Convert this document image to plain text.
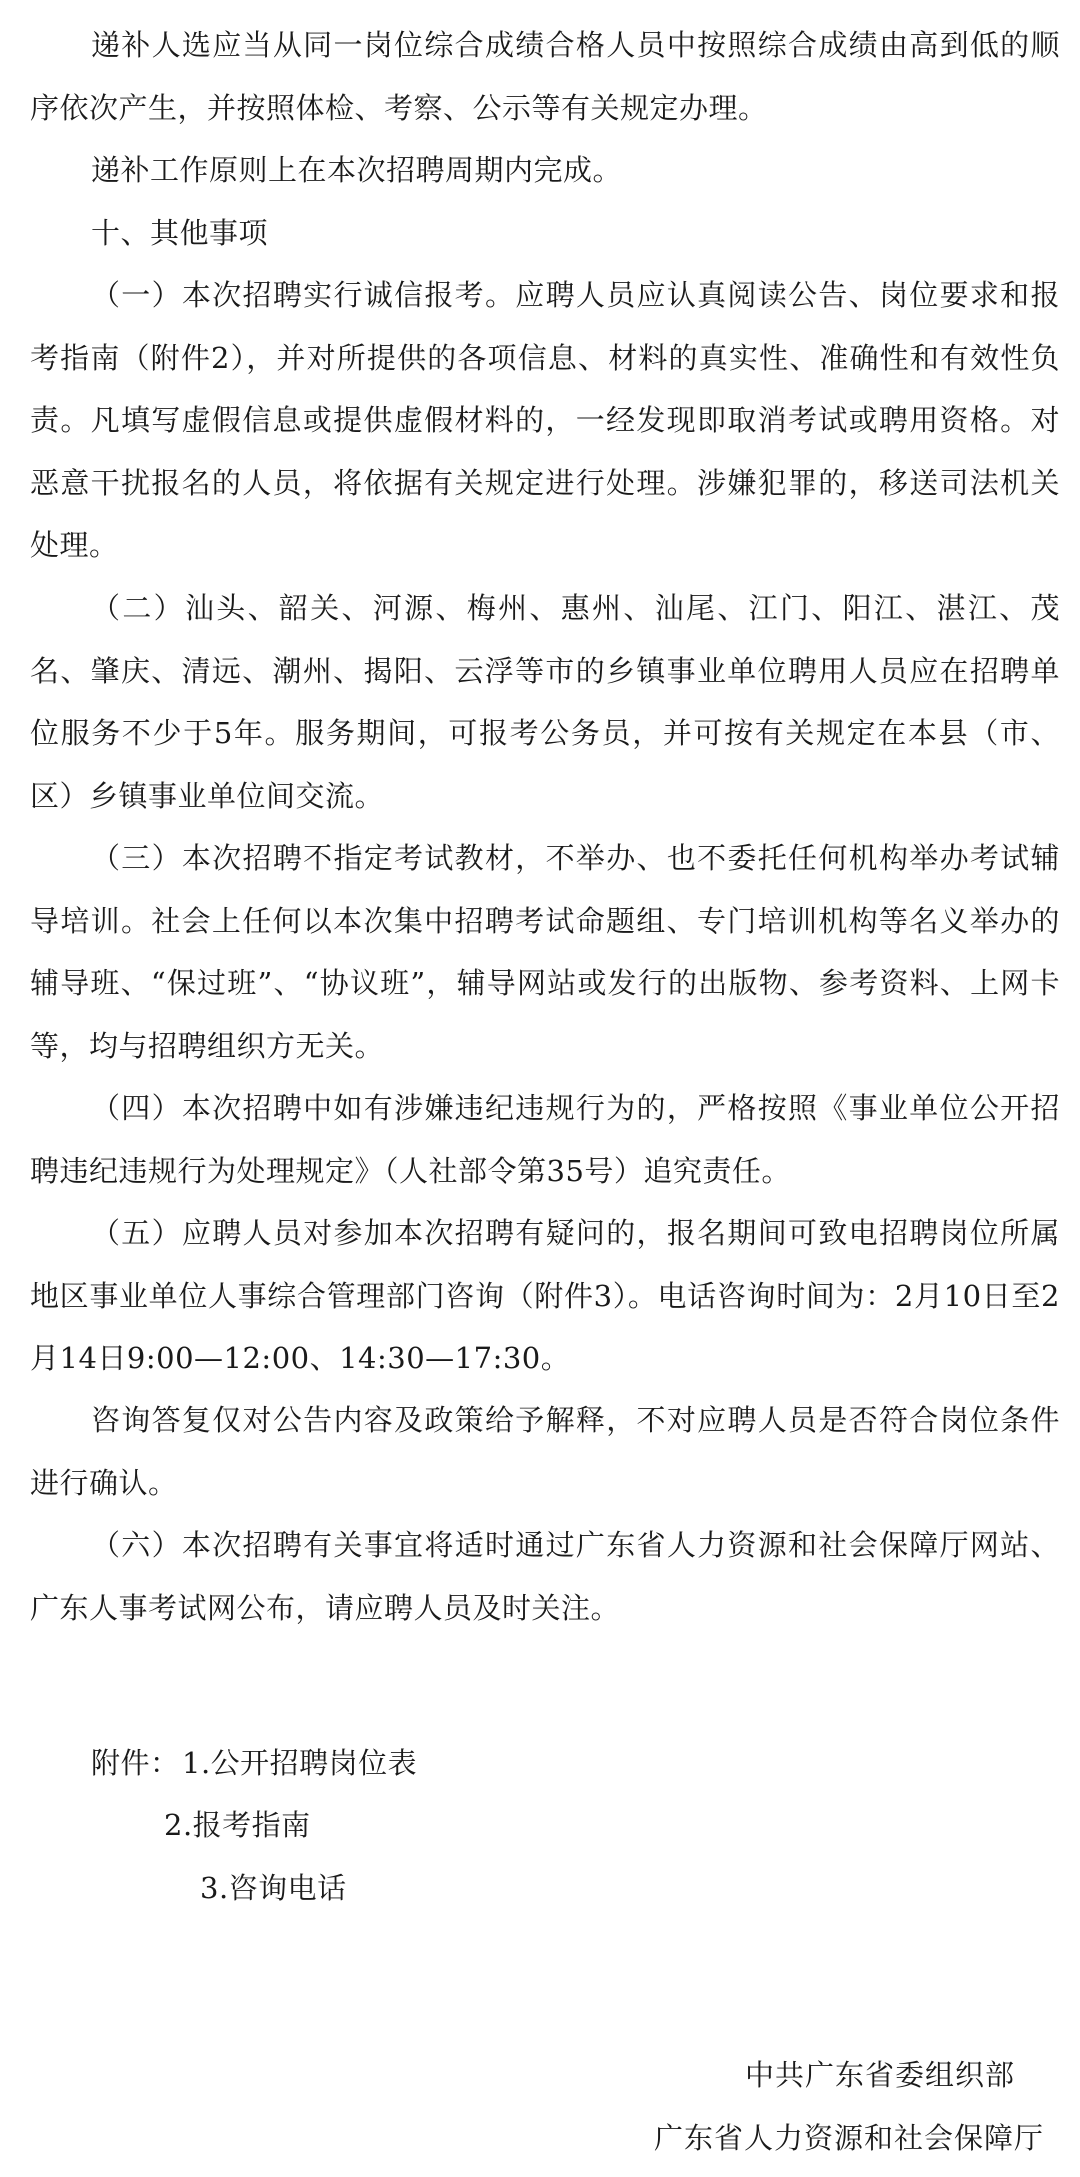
递补人选应当从同一岗位综合成绩合格人员中按照综合成绩由高到低的顺序依次产生，并按照体检、考察、公示等有关规定办理。

递补工作原则上在本次招聘周期内完成。

十、其他事项

（一）本次招聘实行诚信报考。应聘人员应认真阅读公告、岗位要求和报考指南（附件2），并对所提供的各项信息、材料的真实性、准确性和有效性负责。凡填写虚假信息或提供虚假材料的，一经发现即取消考试或聘用资格。对恶意干扰报名的人员，将依据有关规定进行处理。涉嫌犯罪的，移送司法机关处理。

（二）汕头、韶关、河源、梅州、惠州、汕尾、江门、阳江、湛江、茂名、肇庆、清远、潮州、揭阳、云浮等市的乡镇事业单位聘用人员应在招聘单位服务不少于5年。服务期间，可报考公务员，并可按有关规定在本县（市、区）乡镇事业单位间交流。

（三）本次招聘不指定考试教材，不举办、也不委托任何机构举办考试辅导培训。社会上任何以本次集中招聘考试命题组、专门培训机构等名义举办的辅导班、“保过班”、“协议班”，辅导网站或发行的出版物、参考资料、上网卡等，均与招聘组织方无关。

（四）本次招聘中如有涉嫌违纪违规行为的，严格按照《事业单位公开招聘违纪违规行为处理规定》（人社部令第35号）追究责任。

（五）应聘人员对参加本次招聘有疑问的，报名期间可致电招聘岗位所属地区事业单位人事综合管理部门咨询（附件3）。电话咨询时间为：2月10日至2月14日9:00—12:00、14:30—17:30。

咨询答复仅对公告内容及政策给予解释，不对应聘人员是否符合岗位条件进行确认。

（六）本次招聘有关事宜将适时通过广东省人力资源和社会保障厅网站、广东人事考试网公布，请应聘人员及时关注。

附件： 1.公开招聘岗位表
2.报考指南
3.咨询电话
中共广东省委组织部
广东省人力资源和社会保障厅
